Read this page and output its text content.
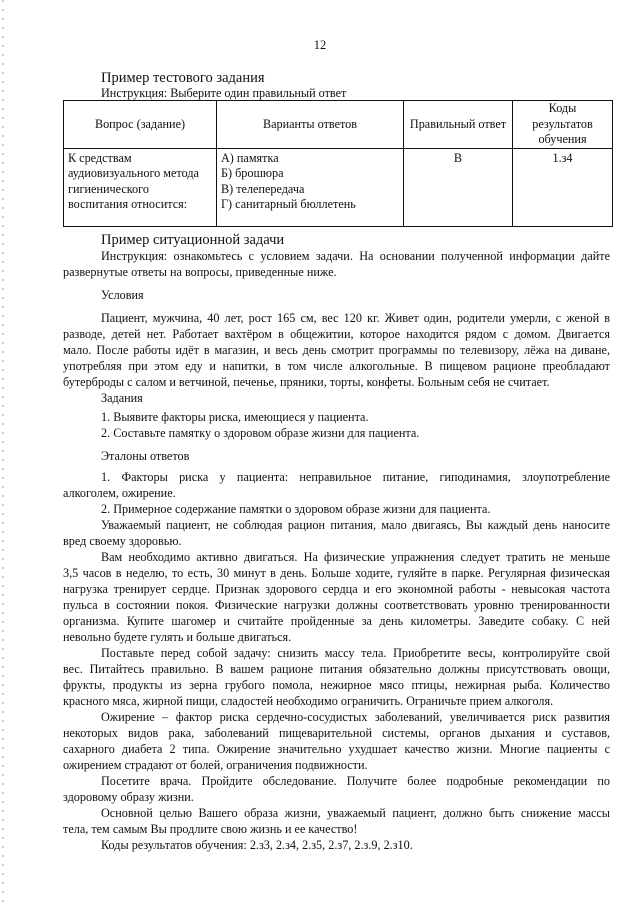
12
Пример тестового задания
Инструкция: Выберите один правильный ответ
Вопрос (задание)	Варианты ответов	Правильный ответ	Коды результатов обучения

К средствам
аудиовизуального метода
гигиенического
воспитания относится:	А) памятка
Б) брошюра
В) телепередача
Г) санитарный бюллетень	В	1.з4
Пример ситуационной задачи
Инструкция: ознакомьтесь с условием задачи. На основании полученной информации дайте
развернутые ответы на вопросы, приведенные ниже.
Условия
Пациент, мужчина, 40 лет, рост 165 см, вес 120 кг. Живет один, родители умерли, с женой в
разводе, детей нет. Работает вахтёром в общежитии, которое находится рядом с домом. Двигается
мало. После работы идёт в магазин, и весь день смотрит программы по телевизору, лёжа на диване,
употребляя при этом еду и напитки, в том числе алкогольные. В пищевом рационе преобладают
бутерброды с салом и ветчиной, печенье, пряники, торты, конфеты. Больным себя не считает.
Задания
1. Выявите факторы риска, имеющиеся у пациента.
2. Составьте памятку о здоровом образе жизни для пациента.
Эталоны ответов
1. Факторы риска у пациента: неправильное питание, гиподинамия, злоупотребление
алкоголем, ожирение.
2. Примерное содержание памятки о здоровом образе жизни для пациента.
Уважаемый пациент, не соблюдая рацион питания, мало двигаясь, Вы каждый день наносите
вред своему здоровью.
Вам необходимо активно двигаться. На физические упражнения следует тратить не меньше
3,5 часов в неделю, то есть, 30 минут в день. Больше ходите, гуляйте в парке. Регулярная физическая
нагрузка тренирует сердце. Признак здорового сердца и его экономной работы - невысокая частота
пульса в состоянии покоя. Физические нагрузки должны соответствовать уровню тренированности
организма. Купите шагомер и считайте пройденные за день километры. Заведите собаку. С ней
невольно будете гулять и больше двигаться.
Поставьте перед собой задачу: снизить массу тела. Приобретите весы, контролируйте свой
вес. Питайтесь правильно. В вашем рационе питания обязательно должны присутствовать овощи,
фрукты, продукты из зерна грубого помола, нежирное мясо птицы, нежирная рыба. Количество
красного мяса, жирной пищи, сладостей необходимо ограничить. Ограничьте прием алкоголя.
Ожирение – фактор риска сердечно-сосудистых заболеваний, увеличивается риск развития
некоторых видов рака, заболеваний пищеварительной системы, органов дыхания и суставов,
сахарного диабета 2 типа. Ожирение значительно ухудшает качество жизни. Многие пациенты с
ожирением страдают от болей, ограничения подвижности.
Посетите врача. Пройдите обследование. Получите более подробные рекомендации по
здоровому образу жизни.
Основной целью Вашего образа жизни, уважаемый пациент, должно быть снижение массы
тела, тем самым Вы продлите свою жизнь и ее качество!
Коды результатов обучения: 2.з3, 2.з4, 2.з5, 2.з7, 2.з.9, 2.з10.
